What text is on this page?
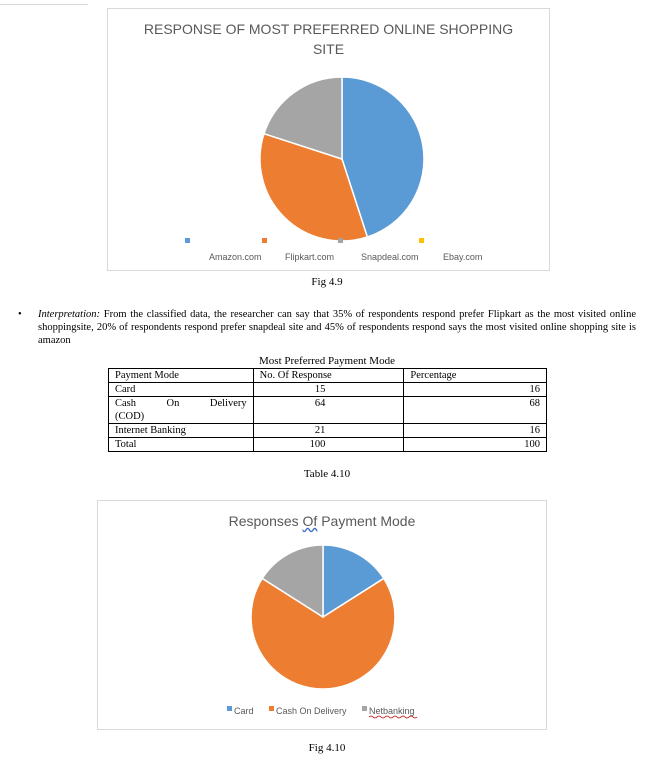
RESPONSE OF MOST PREFERRED ONLINE SHOPPING
SITE
Amazon.com	Flipkart.com	Snapdeal.com	Ebay.com
Fig 4.9
• Interpretation: From the classified data, the researcher can say that 35% of respondents respond prefer Flipkart as the most visited online shoppingsite, 20% of respondents respond prefer snapdeal site and 45% of respondents respond says the most visited online shopping site is amazon
Most Preferred Payment Mode
Payment Mode	No. Of Response	Percentage
Card	15	16

Cash On Delivery
(COD)	64	68
Internet Banking	21	16
Total	100	100
Table 4.10
Responses Of Payment Mode
Card Cash On Delivery Netbanking
Fig 4.10
